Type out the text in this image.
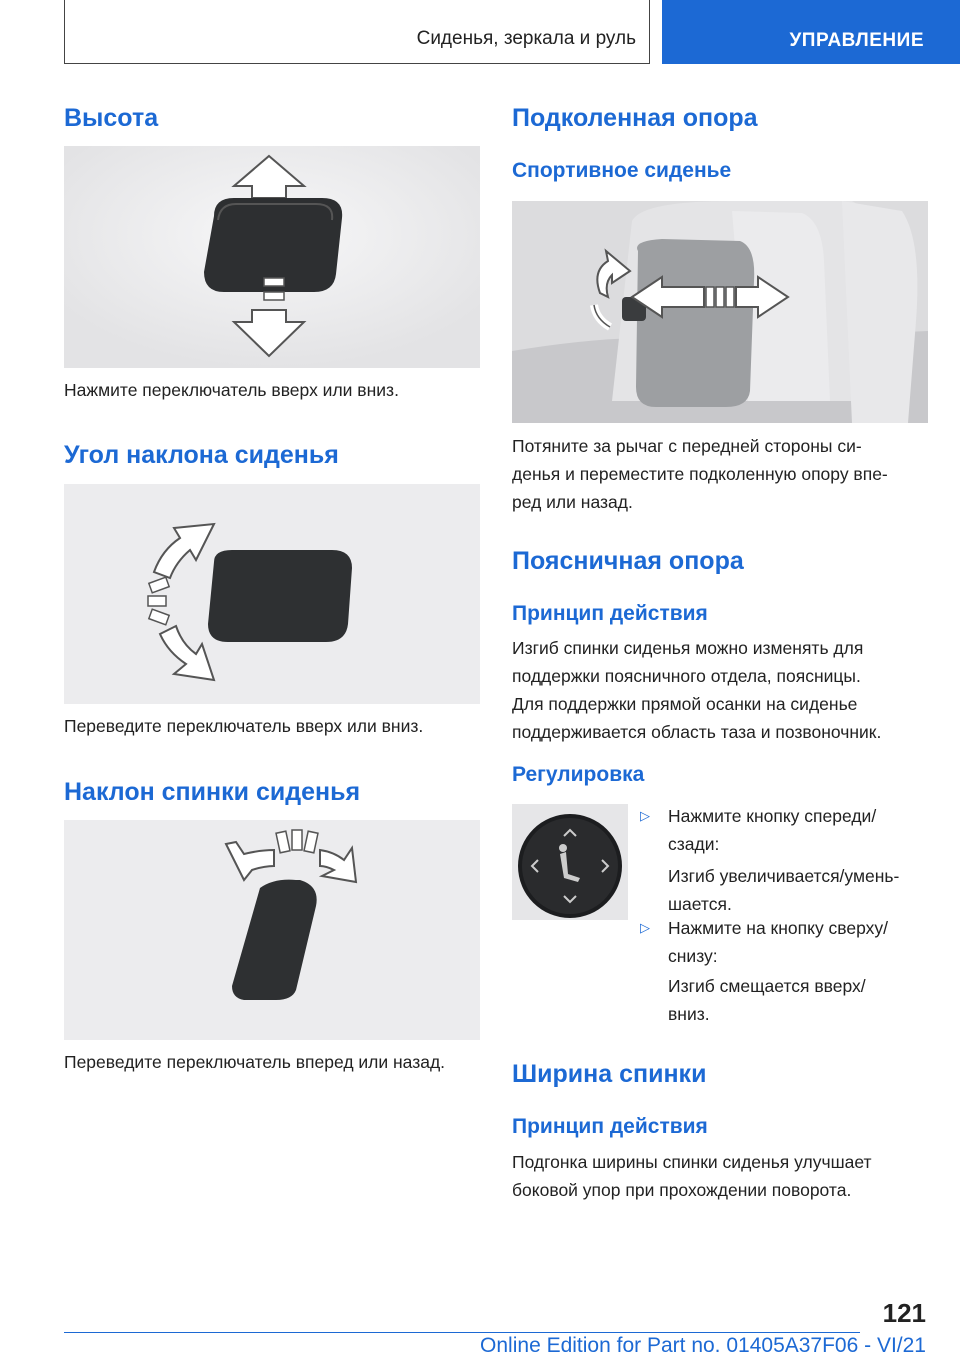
Сиденья, зеркала и руль	УПРАВЛЕНИЕ
Высота

Нажмите переключатель вверх или вниз.

Угол наклона сиденья

Переведите переключатель вверх или вниз.

Наклон спинки сиденья

Переведите переключатель вперед или назад.

Подколенная опора
Спортивное сиденье

Потяните за рычаг с передней стороны си-

денья и переместите подколенную опору впе-

ред или назад.

Поясничная опора
Принцип действия

Изгиб спинки сиденья можно изменять для

поддержки поясничного отдела, поясницы.

Для поддержки прямой осанки на сиденье

поддерживается область таза и позвоночник.

Регулировка
▷ Нажмите кнопку спереди/
сзади:

Изгиб увеличивается/умень-

шается.

▷ Нажмите на кнопку сверху/
снизу:

Изгиб смещается вверх/

вниз.

Ширина спинки
Принцип действия

Подгонка ширины спинки сиденья улучшает

боковой упор при прохождении поворота.

121
Online Edition for Part no. 01405A37F06 - VI/21
